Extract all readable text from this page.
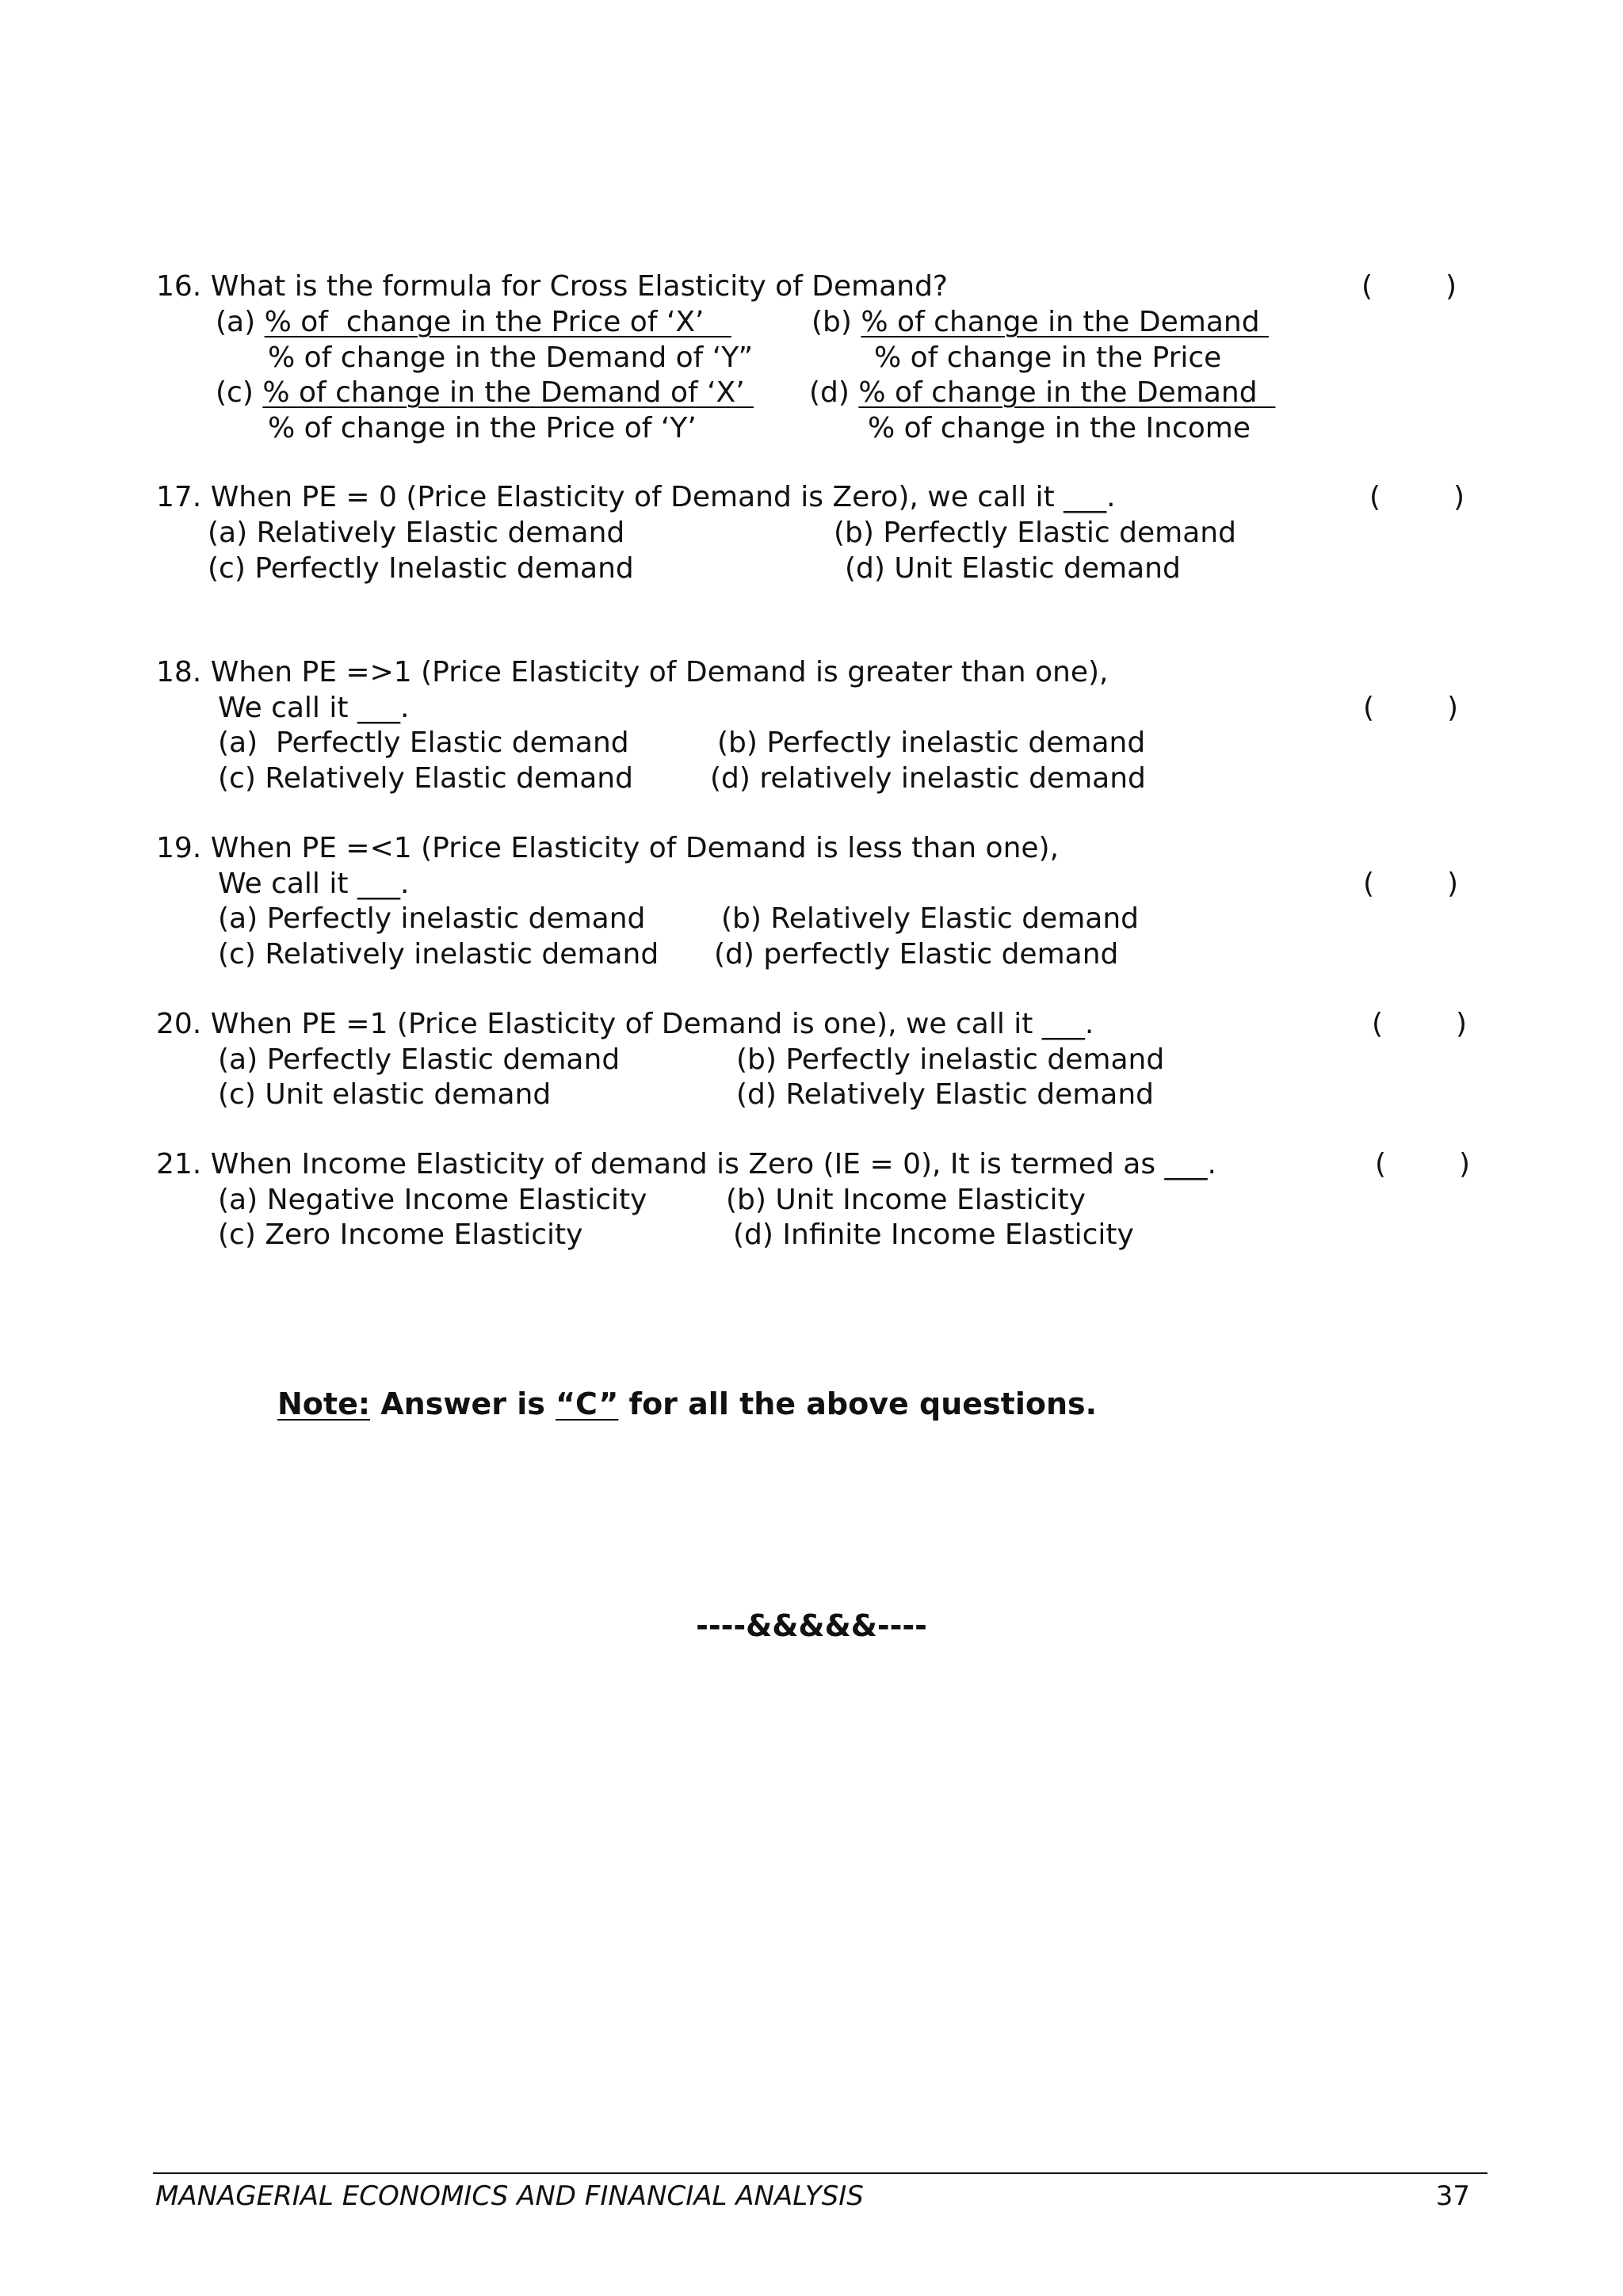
16. What is the formula for Cross Elasticity of Demand?	(	)
(a) % of  change in the Price of ‘X’
% of change in the Demand of ‘Y”
(b) % of change in the Demand
% of change in the Price
(c) % of change in the Demand of ‘X’
% of change in the Price of ‘Y’
(d) % of change in the Demand
% of change in the Income
17. When PE = 0 (Price Elasticity of Demand is Zero), we call it ___.	(	)
(a) Relatively Elastic demand	(b) Perfectly Elastic demand
(c) Perfectly Inelastic demand	(d) Unit Elastic demand
18. When PE =>1 (Price Elasticity of Demand is greater than one),
We call it ___.	(	)
(a)  Perfectly Elastic demand	(b) Perfectly inelastic demand
(c) Relatively Elastic demand	(d) relatively inelastic demand
19. When PE =<1 (Price Elasticity of Demand is less than one),
We call it ___.	(	)
(a) Perfectly inelastic demand	(b) Relatively Elastic demand
(c) Relatively inelastic demand (d) perfectly Elastic demand
20. When PE =1 (Price Elasticity of Demand is one), we call it ___.	(	)
(a) Perfectly Elastic demand	(b) Perfectly inelastic demand
(c) Unit elastic demand	(d) Relatively Elastic demand
21. When Income Elasticity of demand is Zero (IE = 0), It is termed as ___.	(	)
(a) Negative Income Elasticity	(b) Unit Income Elasticity
(c) Zero Income Elasticity	(d) Infinite Income Elasticity
Note: Answer is “C” for all the above questions.
----&&&&&----
MANAGERIAL ECONOMICS AND FINANCIAL ANALYSIS	37
